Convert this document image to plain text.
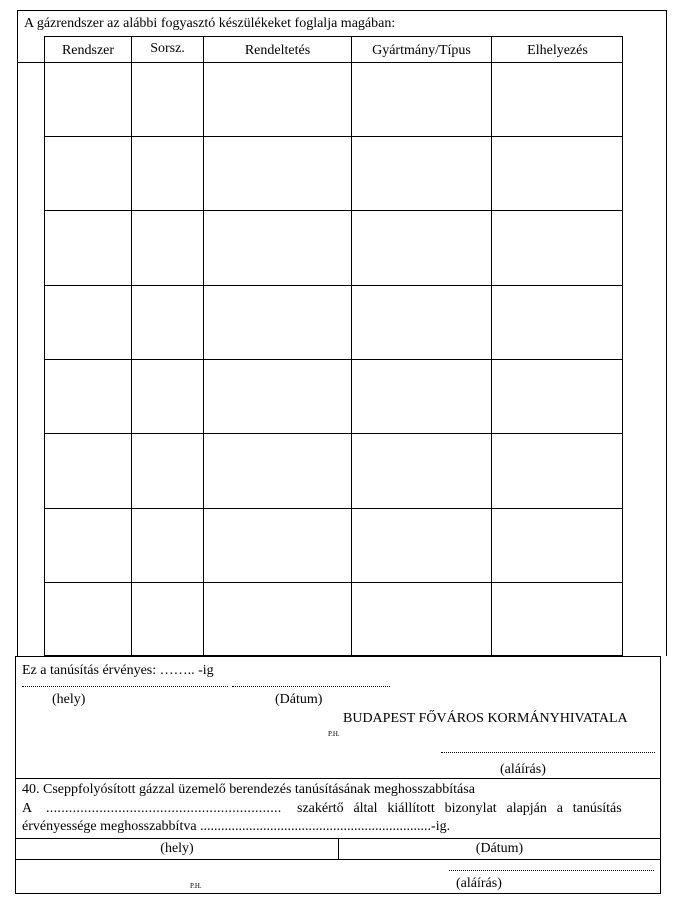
A gázrendszer az alábbi fogyasztó készülékeket foglalja magában:
Rendszer	Sorsz.	Rendeltetés	Gyártmány/Típus	Elhelyezés
Ez a tanúsítás érvényes: …….. -ig
(hely)	(Dátum)
BUDAPEST FŐVÁROS KORMÁNYHIVATALA
P.H.
(aláírás)
40. Cseppfolyósított gázzal üzemelő berendezés tanúsításának meghosszabbítása
A .............................................................. szakértő által kiállított bizonylat alapján a tanúsítás
érvényessége meghosszabbítva ..................................................................-ig.
(hely)	(Dátum)
P.H.	(aláírás)
